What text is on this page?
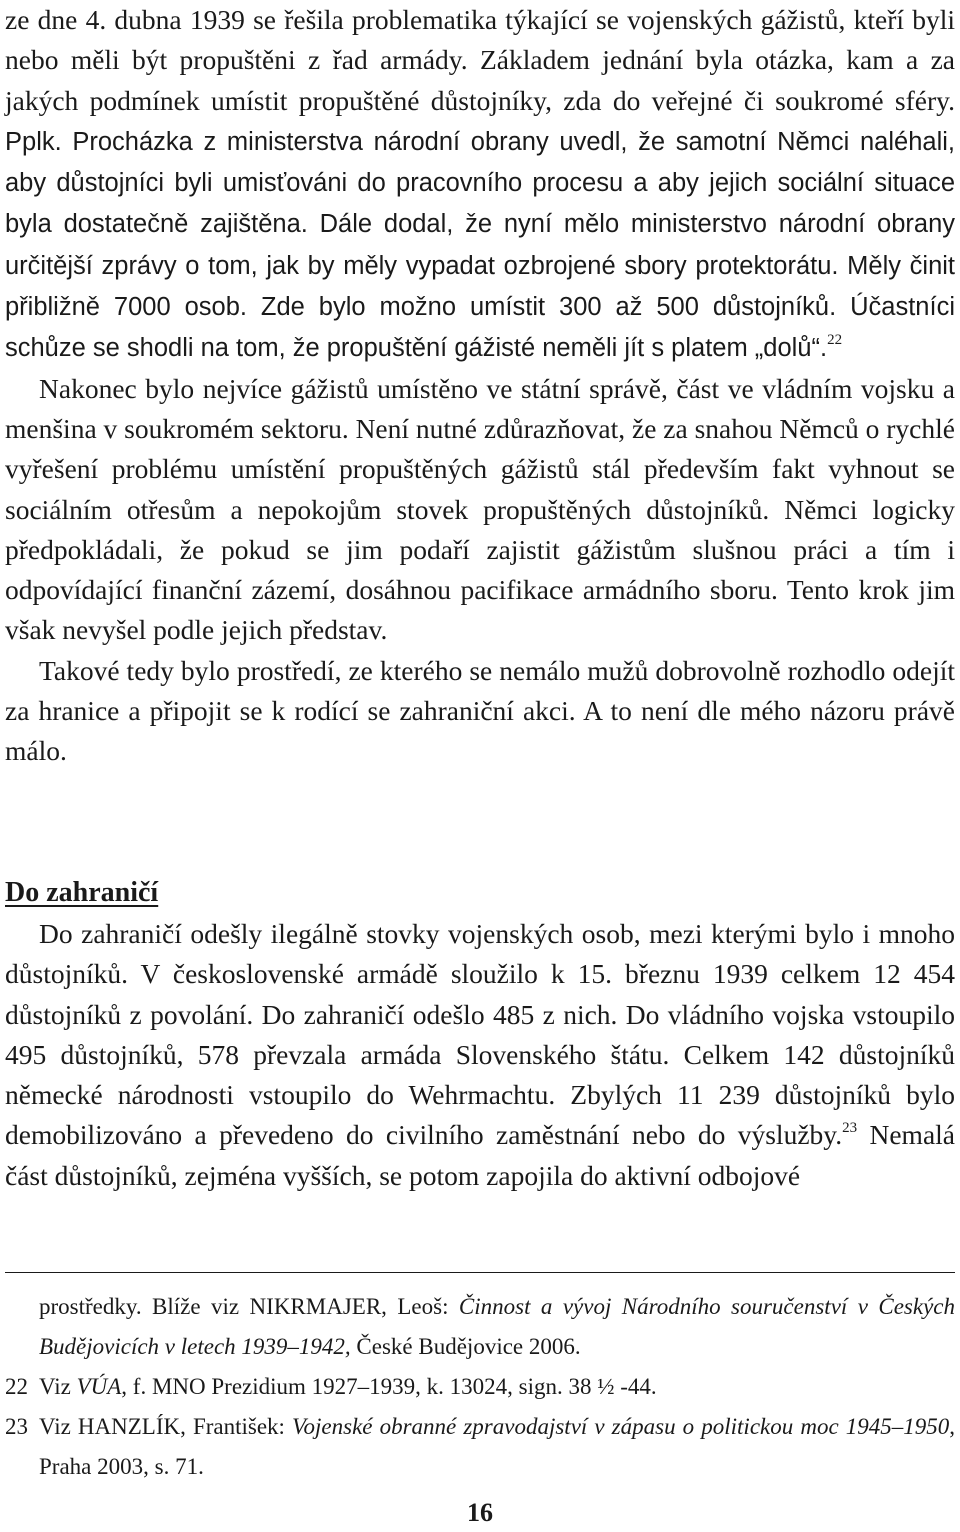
ze dne 4. dubna 1939 se řešila problematika týkající se vojenských gážistů, kteří byli nebo měli být propuštěni z řad armády. Základem jednání byla otázka, kam a za jakých podmínek umístit propuštěné důstojníky, zda do veřejné či soukromé sféry. Pplk. Procházka z ministerstva národní obrany uvedl, že samotní Němci naléhali, aby důstojníci byli umisťováni do pracovního procesu a aby jejich sociální situace byla dostatečně zajištěna. Dále dodal, že nyní mělo ministerstvo národní obrany určitější zprávy o tom, jak by měly vypadat ozbrojené sbory protektorátu. Měly činit přibližně 7000 osob. Zde bylo možno umístit 300 až 500 důstojníků. Účastníci schůze se shodli na tom, že propuštění gážisté neměli jít s platem „dolů“.$^{22}$

Nakonec bylo nejvíce gážistů umístěno ve státní správě, část ve vládním vojsku a menšina v soukromém sektoru. Není nutné zdůrazňovat, že za snahou Němců o rychlé vyřešení problému umístění propuštěných gážistů stál především fakt vyhnout se sociálním otřesům a nepokojům stovek propuštěných důstojníků. Němci logicky předpokládali, že pokud se jim podaří zajistit gážistům slušnou práci a tím i odpovídající finanční zázemí, dosáhnou pacifikace armádního sboru. Tento krok jim však nevyšel podle jejich představ.

Takové tedy bylo prostředí, ze kterého se nemálo mužů dobrovolně rozhodlo odejít za hranice a připojit se k rodící se zahraniční akci. A to není dle mého názoru právě málo.

Do zahraničí

Do zahraničí odešly ilegálně stovky vojenských osob, mezi kterými bylo i mnoho důstojníků. V československé armádě sloužilo k 15. březnu 1939 celkem 12 454 důstojníků z povolání. Do zahraničí odešlo 485 z nich. Do vládního vojska vstoupilo 495 důstojníků, 578 převzala armáda Slovenského štátu. Celkem 142 důstojníků německé národnosti vstoupilo do Wehrmachtu. Zbylých 11 239 důstojníků bylo demobilizováno a převedeno do civilního zaměstnání nebo do výslužby.$^{23}$ Nemalá část důstojníků, zejména vyšších, se potom zapojila do aktivní odbojové

prostředky. Blíže viz NIKRMAJER, Leoš: Činnost a vývoj Národního souručenství v Českých Budějovicích v letech 1939–1942, České Budějovice 2006.
22 Viz VÚA, f. MNO Prezidium 1927–1939, k. 13024, sign. 38 ½ -44.
23 Viz HANZLÍK, František: Vojenské obranné zpravodajství v zápasu o politickou moc 1945–1950, Praha 2003, s. 71.
16
